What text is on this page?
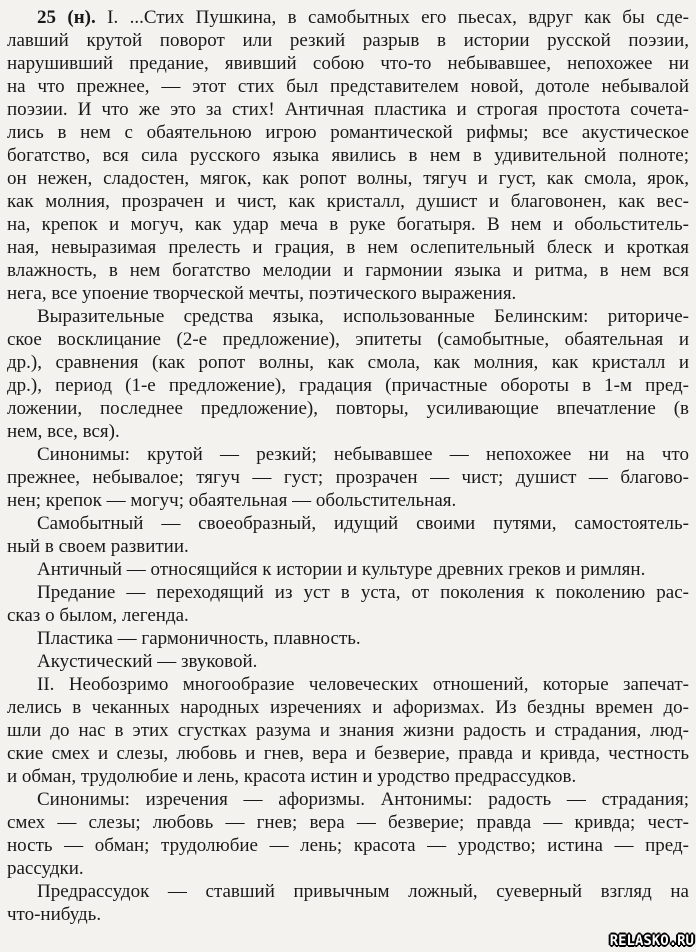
25 (н). I. ...Стих Пушкина, в самобытных его пьесах, вдруг как бы сде-
лавший крутой поворот или резкий разрыв в истории русской поэзии,
нарушивший предание, явивший собою что-то небывавшее, непохожее ни
на что прежнее, — этот стих был представителем новой, дотоле небывалой
поэзии. И что же это за стих! Античная пластика и строгая простота сочета-
лись в нем с обаятельною игрою романтической рифмы; все акустическое
богатство, вся сила русского языка явились в нем в удивительной полноте;
он нежен, сладостен, мягок, как ропот волны, тягуч и густ, как смола, ярок,
как молния, прозрачен и чист, как кристалл, душист и благовонен, как вес-
на, крепок и могуч, как удар меча в руке богатыря. В нем и обольститель-
ная, невыразимая прелесть и грация, в нем ослепительный блеск и кроткая
влажность, в нем богатство мелодии и гармонии языка и ритма, в нем вся
нега, все упоение творческой мечты, поэтического выражения.
Выразительные средства языка, использованные Белинским: риториче-
ское восклицание (2-е предложение), эпитеты (самобытные, обаятельная и
др.), сравнения (как ропот волны, как смола, как молния, как кристалл и
др.), период (1-е предложение), градация (причастные обороты в 1-м пред-
ложении, последнее предложение), повторы, усиливающие впечатление (в
нем, все, вся).
Синонимы: крутой — резкий; небывавшее — непохожее ни на что
прежнее, небывалое; тягуч — густ; прозрачен — чист; душист — благово-
нен; крепок — могуч; обаятельная — обольстительная.
Самобытный — своеобразный, идущий своими путями, самостоятель-
ный в своем развитии.
Античный — относящийся к истории и культуре древних греков и римлян.
Предание — переходящий из уст в уста, от поколения к поколению рас-
сказ о былом, легенда.
Пластика — гармоничность, плавность.
Акустический — звуковой.
II. Необозримо многообразие человеческих отношений, которые запечат-
лелись в чеканных народных изречениях и афоризмах. Из бездны времен до-
шли до нас в этих сгустках разума и знания жизни радость и страдания, люд-
ские смех и слезы, любовь и гнев, вера и безверие, правда и кривда, честность
и обман, трудолюбие и лень, красота истин и уродство предрассудков.
Синонимы: изречения — афоризмы. Антонимы: радость — страдания;
смех — слезы; любовь — гнев; вера — безверие; правда — кривда; чест-
ность — обман; трудолюбие — лень; красота — уродство; истина — пред-
рассудки.
Предрассудок — ставший привычным ложный, суеверный взгляд на
что-нибудь.
RELASKO.RU
